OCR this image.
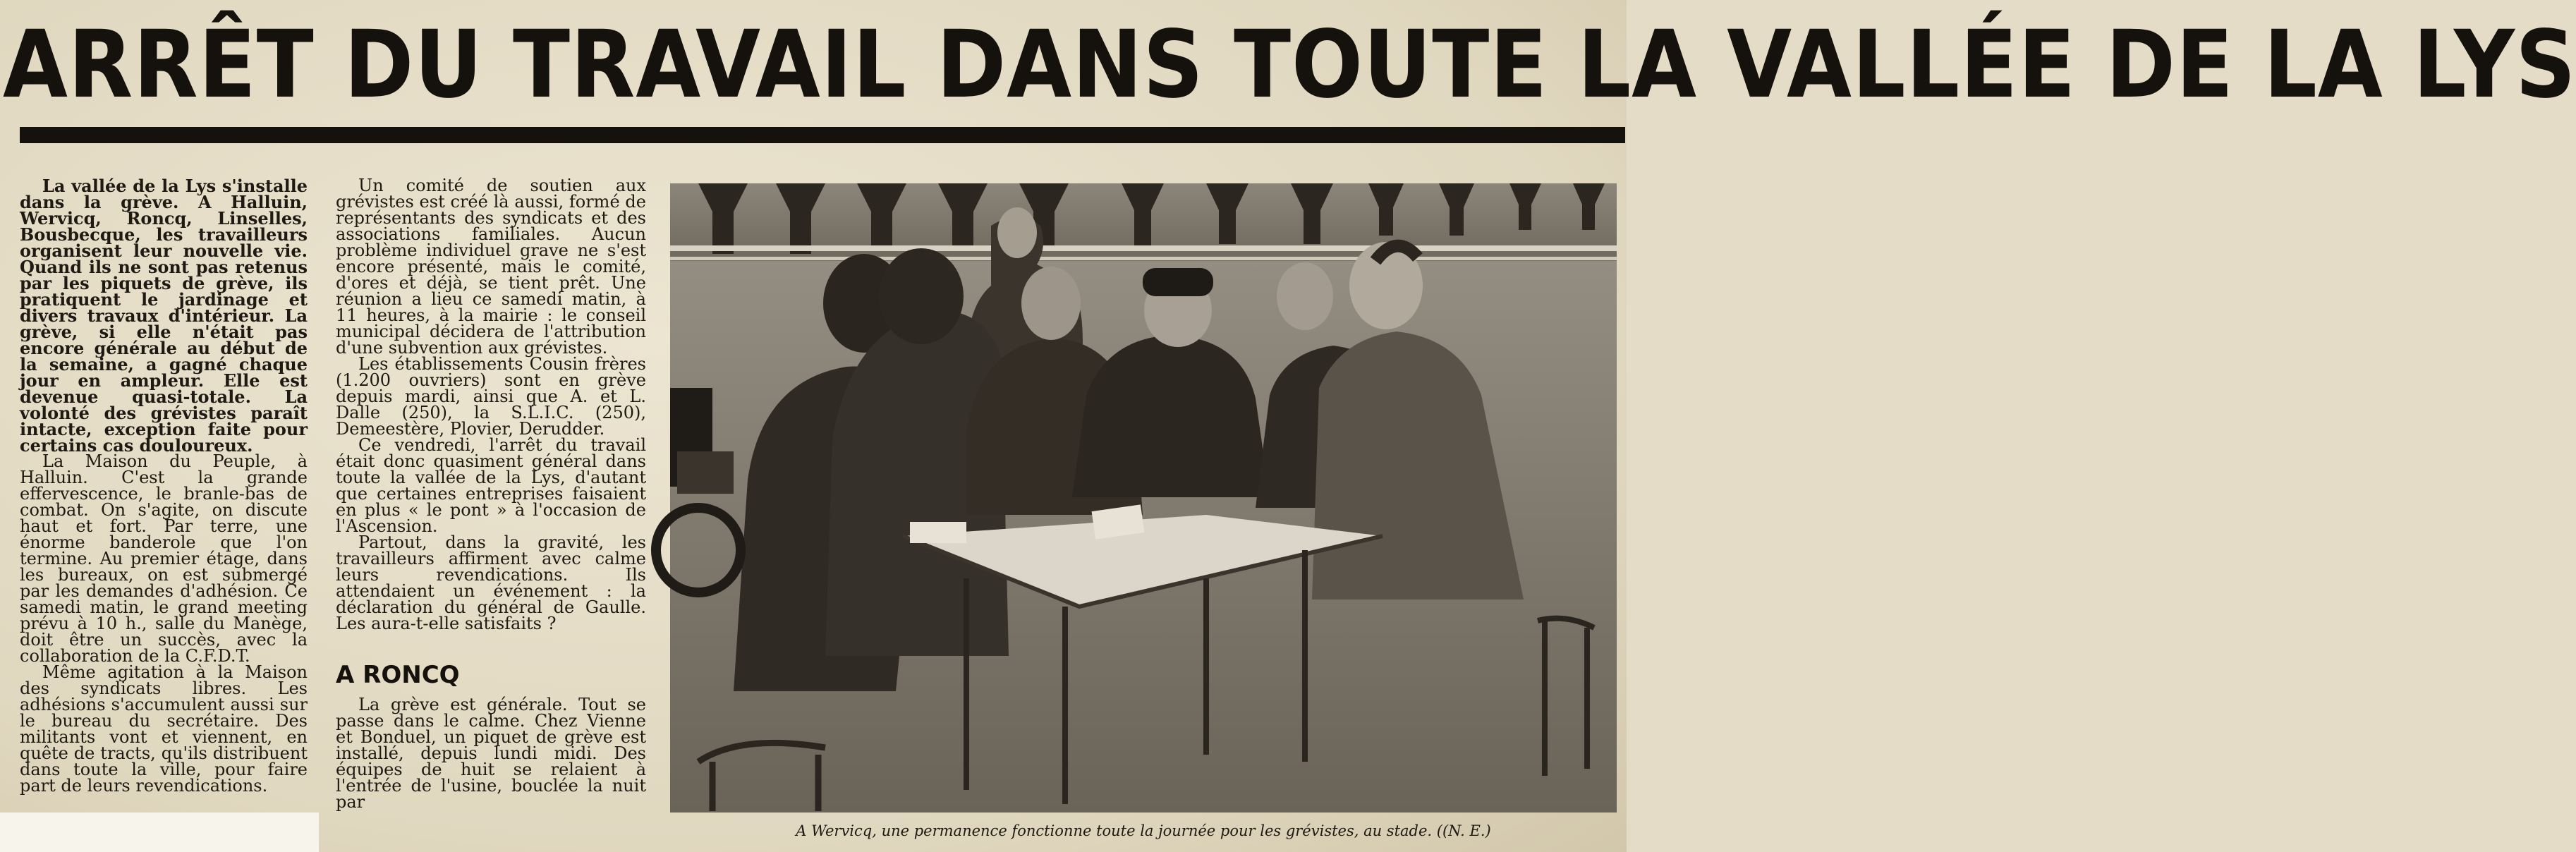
ARRÊT DU TRAVAIL DANS TOUTE LA VALLÉE DE LA LYS

La vallée de la Lys s'installe dans la grève. A Halluin, Wervicq, Roncq, Linselles, Bousbecque, les travailleurs organisent leur nouvelle vie. Quand ils ne sont pas retenus par les piquets de grève, ils pratiquent le jardinage et divers travaux d'intérieur. La grève, si elle n'était pas encore générale au début de la semaine, a gagné chaque jour en ampleur. Elle est devenue quasi-totale. La volonté des grévistes paraît intacte, exception faite pour certains cas douloureux.

La Maison du Peuple, à Halluin. C'est la grande effervescence, le branle-bas de combat. On s'agite, on discute haut et fort. Par terre, une énorme banderole que l'on termine. Au premier étage, dans les bureaux, on est submergé par les demandes d'adhésion. Ce samedi matin, le grand meeting prévu à 10 h., salle du Manège, doit être un succès, avec la collaboration de la C.F.D.T.

Même agitation à la Maison des syndicats libres. Les adhésions s'accumulent aussi sur le bureau du secrétaire. Des militants vont et viennent, en quête de tracts, qu'ils distribuent dans toute la ville, pour faire part de leurs revendications.

Un comité de soutien aux grévistes est créé là aussi, formé de représentants des syndicats et des associations familiales. Aucun problème individuel grave ne s'est encore présenté, mais le comité, d'ores et déjà, se tient prêt. Une réunion a lieu ce samedi matin, à 11 heures, à la mairie : le conseil municipal décidera de l'attribution d'une subvention aux grévistes.

Les établissements Cousin frères (1.200 ouvriers) sont en grève depuis mardi, ainsi que A. et L. Dalle (250), la S.L.I.C. (250), Demeestère, Plovier, Derudder.

Ce vendredi, l'arrêt du travail était donc quasiment général dans toute la vallée de la Lys, d'autant que certaines entreprises faisaient en plus « le pont » à l'occasion de l'Ascension.

Partout, dans la gravité, les travailleurs affirment avec calme leurs revendications. Ils attendaient un événement : la déclaration du général de Gaulle. Les aura-t-elle satisfaits ?

A RONCQ

La grève est générale. Tout se passe dans le calme. Chez Vienne et Bonduel, un piquet de grève est installé, depuis lundi midi. Des équipes de huit se relaient à l'entrée de l'usine, bouclée la nuit par

A Wervicq, une permanence fonctionne toute la journée pour les grévistes, au stade. ((N. E.)
